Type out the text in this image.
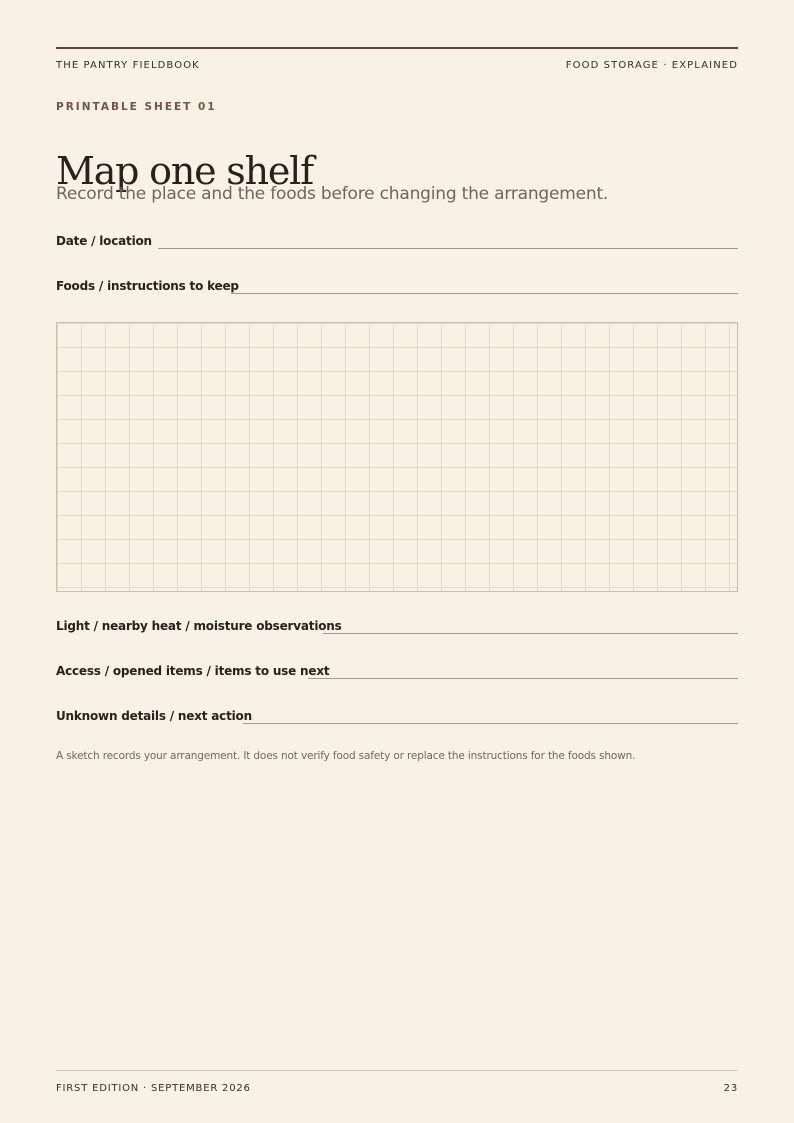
THE PANTRY FIELDBOOK	FOOD STORAGE · EXPLAINED
PRINTABLE SHEET 01
Map one shelf
Record the place and the foods before changing the arrangement.
Date / location
Foods / instructions to keep
Light / nearby heat / moisture observations
Access / opened items / items to use next
Unknown details / next action
A sketch records your arrangement. It does not verify food safety or replace the instructions for the foods shown.
FIRST EDITION · SEPTEMBER 2026	23
